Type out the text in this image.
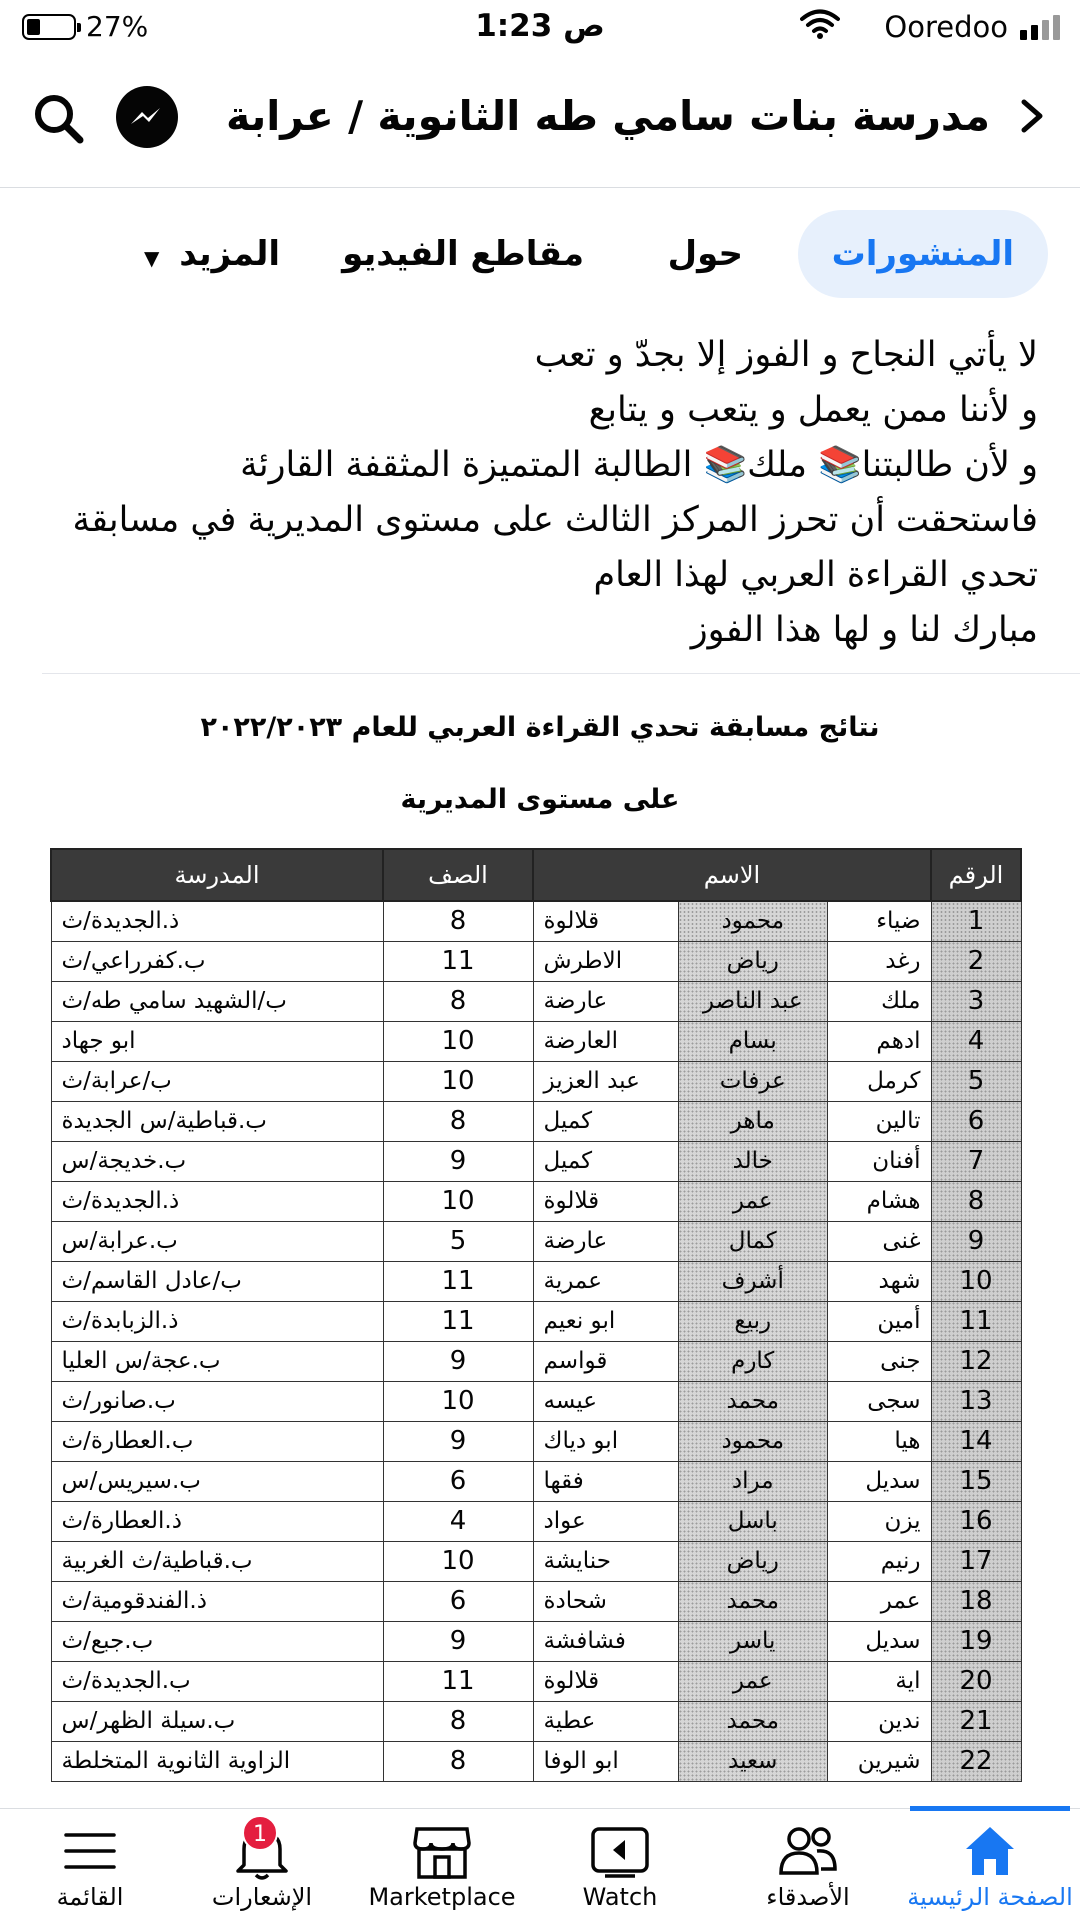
27%	1:23 ص	Ooredoo
مدرسة بنات سامي طه الثانوية / عرابة
المنشورات
حول
مقاطع الفيديو
المزيد ▼

لا يأتي النجاح و الفوز إلا بجدّ و تعب

و لأننا ممن يعمل و يتعب و يتابع

و لأن طالبتنا📚 ملك📚 الطالبة المتميزة المثقفة القارئة

فاستحقت أن تحرز المركز الثالث على مستوى المديرية في مسابقة

تحدي القراءة العربي لهذا العام

مبارك لنا و لها هذا الفوز

نتائج مسابقة تحدي القراءة العربي للعام ٢٠٢٢/٢٠٢٣
على مستوى المديرية
الرقم	الاسم			الصف	المدرسة
1	ضياء	محمود	قلالوة	8	ذ.الجديدة/ث
2	رغد	رياض	الاطرش	11	ب.كفرراعي/ث
3	ملك	عبد الناصر	عارضة	8	ب/الشهيد سامي طه/ث
4	ادهم	بسام	العارضة	10	ابو جهاد
5	كرمل	عرفات	عبد العزيز	10	ب/عرابة/ث
6	تالين	ماهر	كميل	8	ب.قباطية/س الجديدة
7	أفنان	خالد	كميل	9	ب.خديجة/س
8	هشام	عمر	قلالوة	10	ذ.الجديدة/ث
9	غنى	كمال	عارضة	5	ب.عرابة/س
10	شهد	أشرف	عمرية	11	ب/عادل القاسم/ث
11	أمين	ربيع	ابو نعيم	11	ذ.الزبابدة/ث
12	جنى	كارم	قواسم	9	ب.عجة/س العليا
13	سجى	محمد	عيسه	10	ب.صانور/ث
14	هيا	محمود	ابو دياك	9	ب.العطارة/ث
15	سديل	مراد	فقها	6	ب.سيريس/س
16	يزن	باسل	عواد	4	ذ.العطارة/ث
17	رنيم	رياض	حنايشة	10	ب.قباطية/ث الغربية
18	عمر	محمد	شحادة	6	ذ.الفندقومية/ث
19	سديل	ياسر	فشافشة	9	ب.جبع/ث
20	اية	عمر	قلالوة	11	ب.الجديدة/ث
21	ندين	محمد	عطية	8	ب.سيلة الظهر/س
22	شيرين	سعيد	ابو الوفا	8	الزاوية الثانوية المتخلطة
الصفحة الرئيسية
الأصدقاء
Watch
Marketplace
1
الإشعارات
القائمة
